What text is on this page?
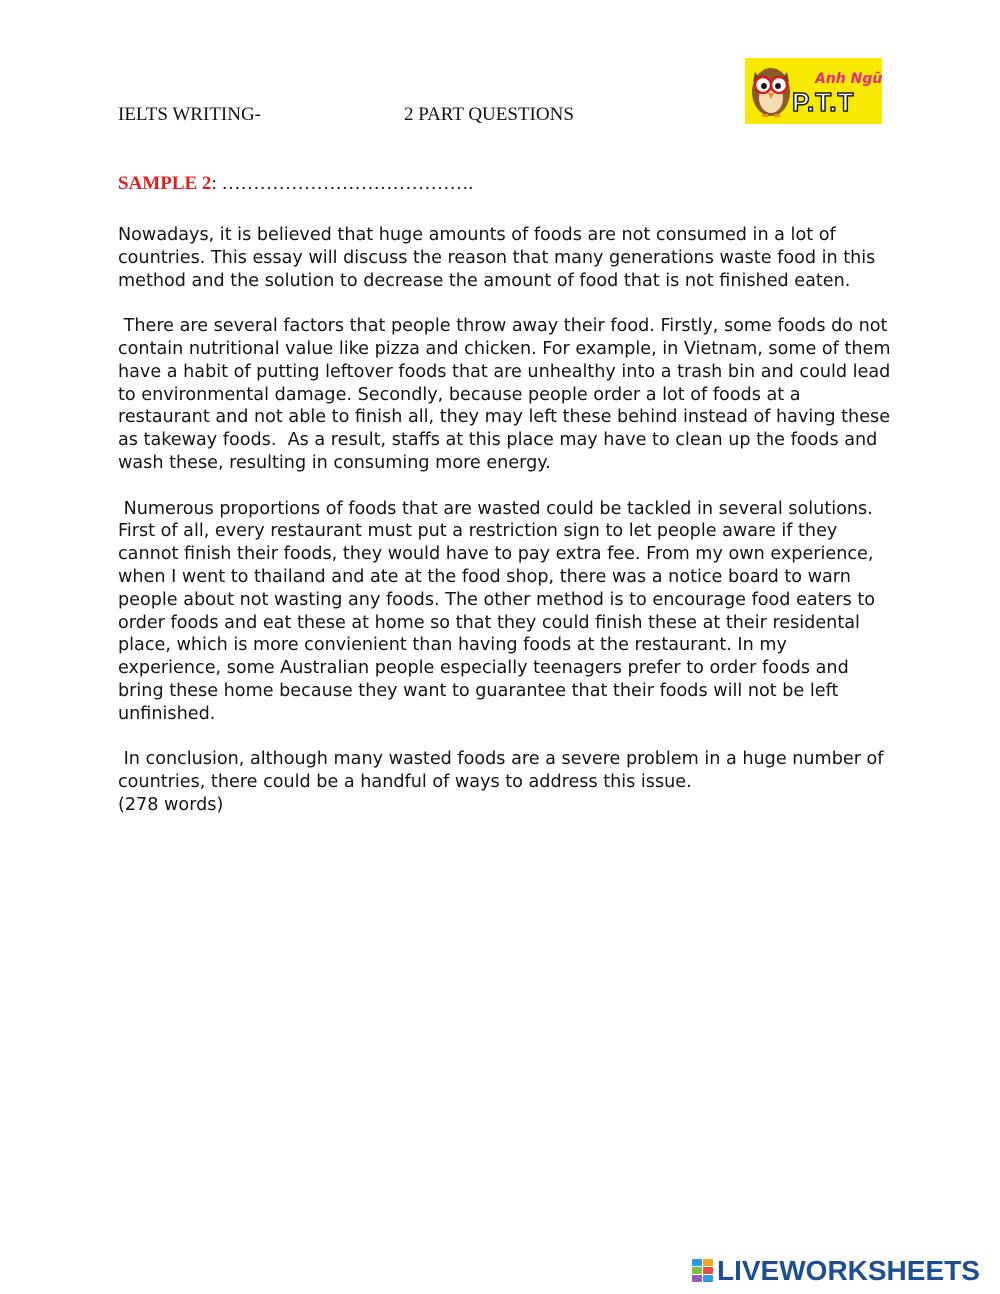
IELTS WRITING-	2 PART QUESTIONS
Anh Ngữ
P.T.T

SAMPLE 2: ………………………………….

Nowadays, it is believed that huge amounts of foods are not consumed in a lot of countries. This essay will discuss the reason that many generations waste food in this method and the solution to decrease the amount of food that is not finished eaten.

There are several factors that people throw away their food. Firstly, some foods do not contain nutritional value like pizza and chicken. For example, in Vietnam, some of them have a habit of putting leftover foods that are unhealthy into a trash bin and could lead to environmental damage. Secondly, because people order a lot of foods at a restaurant and not able to finish all, they may left these behind instead of having these as takeway foods.  As a result, staffs at this place may have to clean up the foods and wash these, resulting in consuming more energy.

Numerous proportions of foods that are wasted could be tackled in several solutions. First of all, every restaurant must put a restriction sign to let people aware if they cannot finish their foods, they would have to pay extra fee. From my own experience, when I went to thailand and ate at the food shop, there was a notice board to warn people about not wasting any foods. The other method is to encourage food eaters to order foods and eat these at home so that they could finish these at their residental place, which is more convienient than having foods at the restaurant. In my experience, some Australian people especially teenagers prefer to order foods and bring these home because they want to guarantee that their foods will not be left unfinished.

In conclusion, although many wasted foods are a severe problem in a huge number of countries, there could be a handful of ways to address this issue.
(278 words)

LIVEWORKSHEETS
